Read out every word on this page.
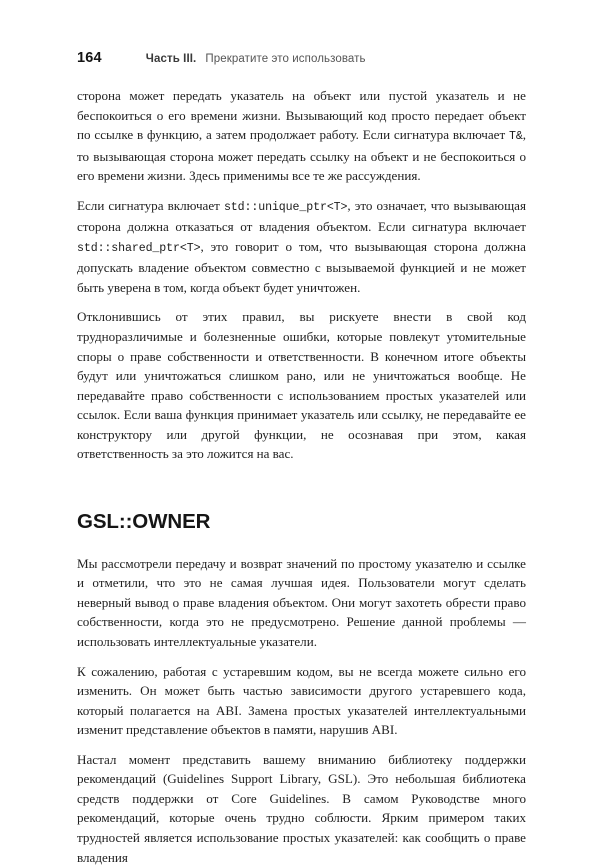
164	Часть III. Прекратите это использовать

сторона может передать указатель на объект или пустой указатель и не беспокоиться о его времени жизни. Вызывающий код просто передает объект по ссылке в функцию, а затем продолжает работу. Если сигнатура включает T&, то вызывающая сторона может передать ссылку на объект и не беспокоиться о его времени жизни. Здесь применимы все те же рассуждения.

Если сигнатура включает std::unique_ptr<T>, это означает, что вызывающая сторона должна отказаться от владения объектом. Если сигнатура включает std::shared_ptr<T>, это говорит о том, что вызывающая сторона должна допускать владение объектом совместно с вызываемой функцией и не может быть уверена в том, когда объект будет уничтожен.

Отклонившись от этих правил, вы рискуете внести в свой код трудноразличимые и болезненные ошибки, которые повлекут утомительные споры о праве собственности и ответственности. В конечном итоге объекты будут или уничтожаться слишком рано, или не уничтожаться вообще. Не передавайте право собственности с использованием простых указателей или ссылок. Если ваша функция принимает указатель или ссылку, не передавайте ее конструктору или другой функции, не осознавая при этом, какая ответственность за это ложится на вас.

GSL::OWNER

Мы рассмотрели передачу и возврат значений по простому указателю и ссылке и отметили, что это не самая лучшая идея. Пользователи могут сделать неверный вывод о праве владения объектом. Они могут захотеть обрести право собственности, когда это не предусмотрено. Решение данной проблемы — использовать интеллектуальные указатели.

К сожалению, работая с устаревшим кодом, вы не всегда можете сильно его изменить. Он может быть частью зависимости другого устаревшего кода, который полагается на ABI. Замена простых указателей интеллектуальными изменит представление объектов в памяти, нарушив ABI.

Настал момент представить вашему вниманию библиотеку поддержки рекомендаций (Guidelines Support Library, GSL). Это небольшая библиотека средств поддержки от Core Guidelines. В самом Руководстве много рекомендаций, которые очень трудно соблюсти. Ярким примером таких трудностей является использование простых указателей: как сообщить о праве владения
